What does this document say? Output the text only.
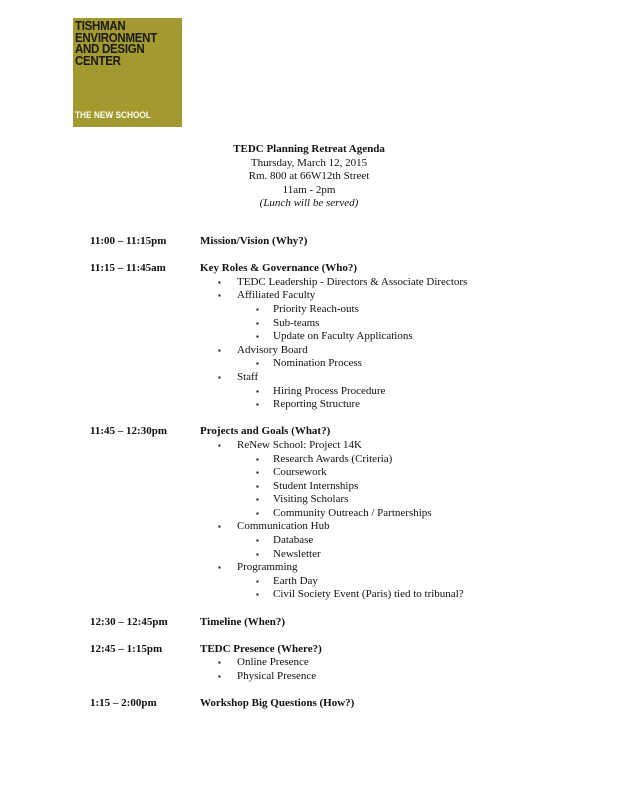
TISHMAN
ENVIRONMENT
AND DESIGN
CENTER
THE NEW SCHOOL
TEDC Planning Retreat Agenda
Thursday, March 12, 2015
Rm. 800 at 66W12th Street
11am - 2pm
(Lunch will be served)
11:00 – 11:15pm	Mission/Vision (Why?)
11:15 – 11:45am	Key Roles & Governance (Who?)
▪ TEDC Leadership - Directors & Associate Directors
▪ Affiliated Faculty
▪ Priority Reach-outs
▪ Sub-teams
▪ Update on Faculty Applications
▪ Advisory Board
▪ Nomination Process
▪ Staff
▪ Hiring Process Procedure
▪ Reporting Structure
11:45 – 12:30pm	Projects and Goals (What?)
▪ ReNew School: Project 14K
▪ Research Awards (Criteria)
▪ Coursework
▪ Student Internships
▪ Visiting Scholars
▪ Community Outreach / Partnerships
▪ Communication Hub
▪ Database
▪ Newsletter
▪ Programming
▪ Earth Day
▪ Civil Society Event (Paris) tied to tribunal?
12:30 – 12:45pm	Timeline (When?)
12:45 – 1:15pm	TEDC Presence (Where?)
▪ Online Presence
▪ Physical Presence
1:15 – 2:00pm	Workshop Big Questions (How?)
